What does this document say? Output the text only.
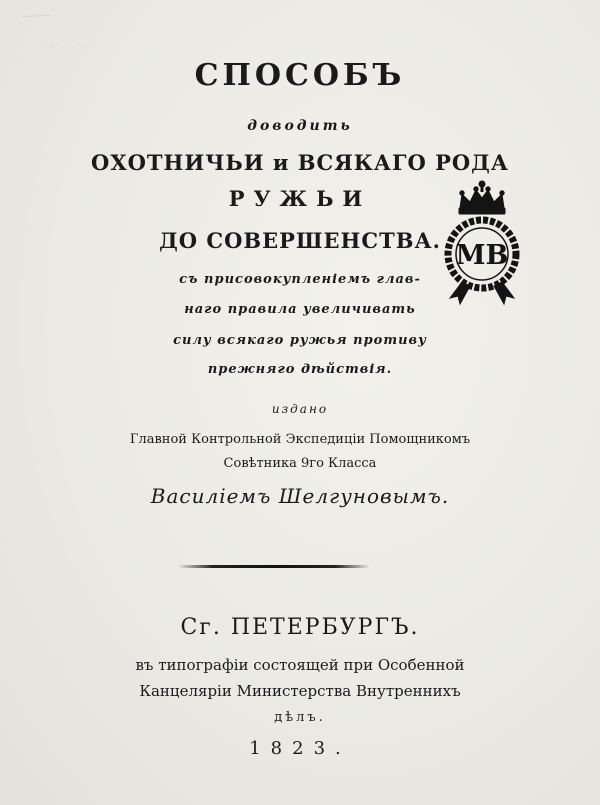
̶ ̶ ̶ ̶ ̶
· · · · · ·
СПОСОБЪ
доводить
ОХОТНИЧЬИ и ВСЯКАГО РОДА
РУЖЬИ
ДО СОВЕРШЕНСТВА.
съ присовокупленіемъ глав-
наго правила увеличивать
силу всякаго ружья противу
прежняго дѣйствія.
издано
Главной Контрольной Экспедиціи Помощникомъ
Совѣтника 9го Класса
Василіемъ Шелгуновымъ.
Сг. ПЕТЕРБУРГЪ.
въ типографіи состоящей при Особенной
Канцеляріи Министерства Внутреннихъ
дѣлъ.
1823.
МВ
